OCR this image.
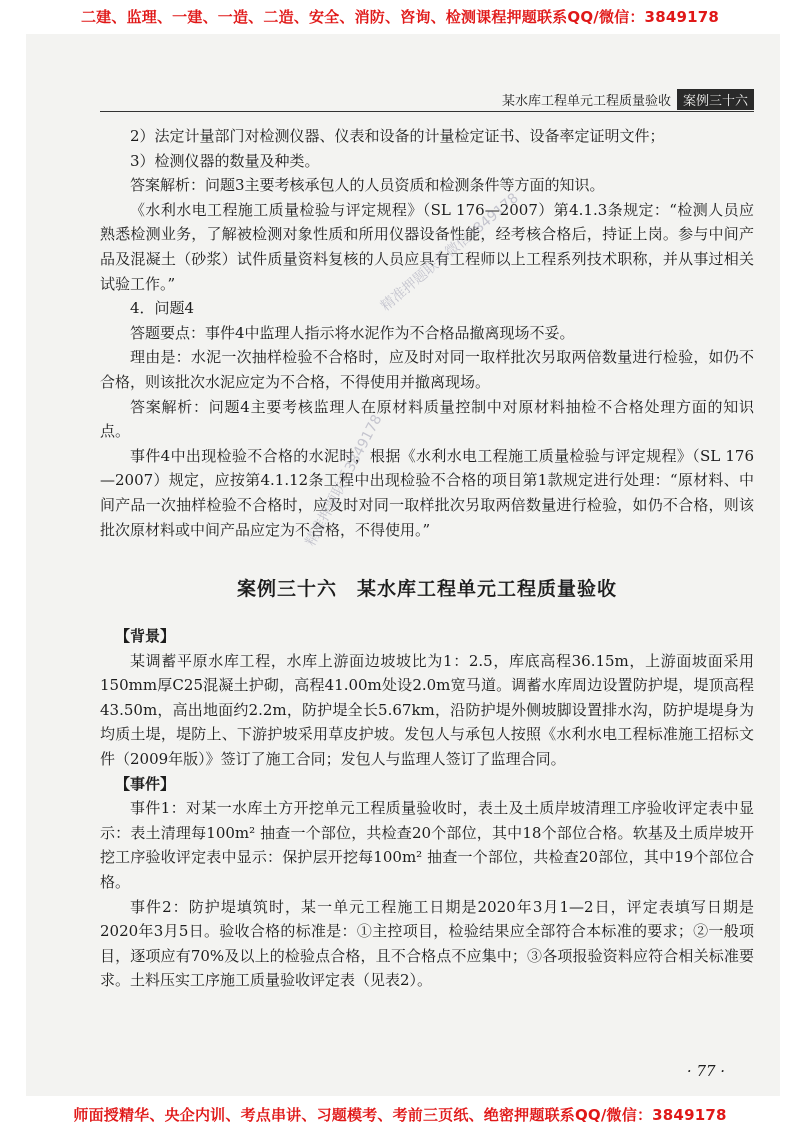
二建、监理、一建、一造、二造、安全、消防、咨询、检测课程押题联系QQ/微信：3849178
某水库工程单元工程质量验收 案例三十六

2）法定计量部门对检测仪器、仪表和设备的计量检定证书、设备率定证明文件；

3）检测仪器的数量及种类。

答案解析：问题3主要考核承包人的人员资质和检测条件等方面的知识。

《水利水电工程施工质量检验与评定规程》（SL 176—2007）第4.1.3条规定：“检测人员应熟悉检测业务，了解被检测对象性质和所用仪器设备性能，经考核合格后，持证上岗。参与中间产品及混凝土（砂浆）试件质量资料复核的人员应具有工程师以上工程系列技术职称，并从事过相关试验工作。”

4．问题4

答题要点：事件4中监理人指示将水泥作为不合格品撤离现场不妥。

理由是：水泥一次抽样检验不合格时，应及时对同一取样批次另取两倍数量进行检验，如仍不合格，则该批次水泥应定为不合格，不得使用并撤离现场。

答案解析：问题4主要考核监理人在原材料质量控制中对原材料抽检不合格处理方面的知识点。

事件4中出现检验不合格的水泥时，根据《水利水电工程施工质量检验与评定规程》（SL 176—2007）规定，应按第4.1.12条工程中出现检验不合格的项目第1款规定进行处理：“原材料、中间产品一次抽样检验不合格时，应及时对同一取样批次另取两倍数量进行检验，如仍不合格，则该批次原材料或中间产品应定为不合格，不得使用。”

案例三十六　某水库工程单元工程质量验收

【背景】

某调蓄平原水库工程，水库上游面边坡坡比为1：2.5，库底高程36.15m，上游面坡面采用150mm厚C25混凝土护砌，高程41.00m处设2.0m宽马道。调蓄水库周边设置防护堤，堤顶高程43.50m，高出地面约2.2m，防护堤全长5.67km，沿防护堤外侧坡脚设置排水沟，防护堤堤身为均质土堤，堤防上、下游护坡采用草皮护坡。发包人与承包人按照《水利水电工程标准施工招标文件（2009年版）》签订了施工合同；发包人与监理人签订了监理合同。

【事件】

事件1：对某一水库土方开挖单元工程质量验收时，表土及土质岸坡清理工序验收评定表中显示：表土清理每100m² 抽查一个部位，共检查20个部位，其中18个部位合格。软基及土质岸坡开挖工序验收评定表中显示：保护层开挖每100m² 抽查一个部位，共检查20部位，其中19个部位合格。

事件2：防护堤填筑时，某一单元工程施工日期是2020年3月1—2日，评定表填写日期是2020年3月5日。验收合格的标准是：①主控项目，检验结果应全部符合本标准的要求；②一般项目，逐项应有70%及以上的检验点合格，且不合格点不应集中；③各项报验资料应符合相关标准要求。土料压实工序施工质量验收评定表（见表2）。

· 77 ·
精准押题联系微信3849178
精准押题联系3849178
师面授精华、央企内训、考点串讲、习题模考、考前三页纸、绝密押题联系QQ/微信：3849178
